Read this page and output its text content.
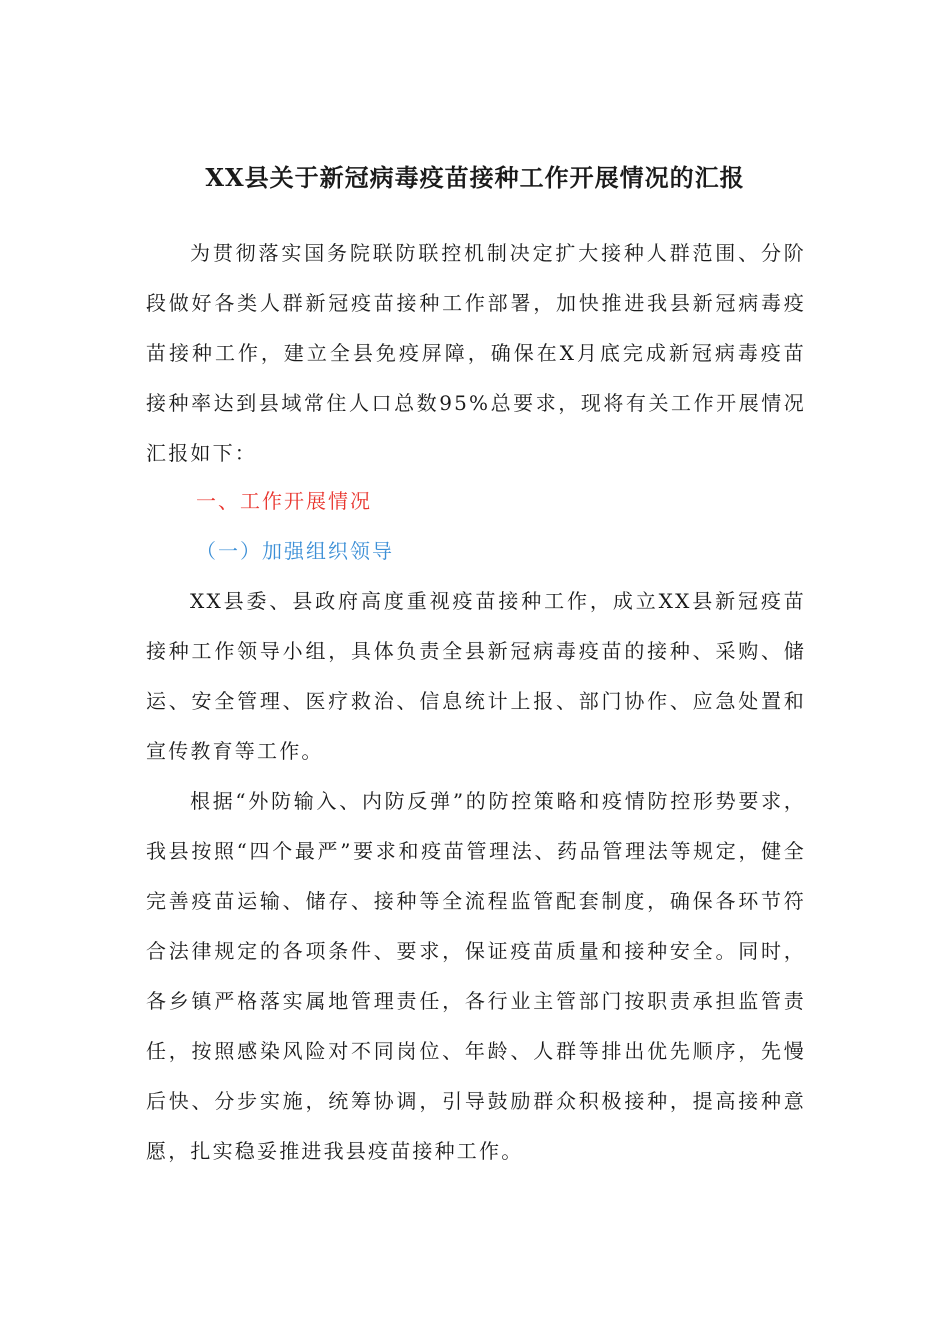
XX县关于新冠病毒疫苗接种工作开展情况的汇报

为贯彻落实国务院联防联控机制决定扩大接种人群范围、分阶段做好各类人群新冠疫苗接种工作部署，加快推进我县新冠病毒疫苗接种工作，建立全县免疫屏障，确保在X月底完成新冠病毒疫苗接种率达到县域常住人口总数95%总要求，现将有关工作开展情况汇报如下：

一、工作开展情况

（一）加强组织领导

XX县委、县政府高度重视疫苗接种工作，成立XX县新冠疫苗接种工作领导小组，具体负责全县新冠病毒疫苗的接种、采购、储运、安全管理、医疗救治、信息统计上报、部门协作、应急处置和宣传教育等工作。

根据“外防输入、内防反弹”的防控策略和疫情防控形势要求，我县按照“四个最严”要求和疫苗管理法、药品管理法等规定，健全完善疫苗运输、储存、接种等全流程监管配套制度，确保各环节符合法律规定的各项条件、要求，保证疫苗质量和接种安全。同时，各乡镇严格落实属地管理责任，各行业主管部门按职责承担监管责任，按照感染风险对不同岗位、年龄、人群等排出优先顺序，先慢后快、分步实施，统筹协调，引导鼓励群众积极接种，提高接种意愿，扎实稳妥推进我县疫苗接种工作。
